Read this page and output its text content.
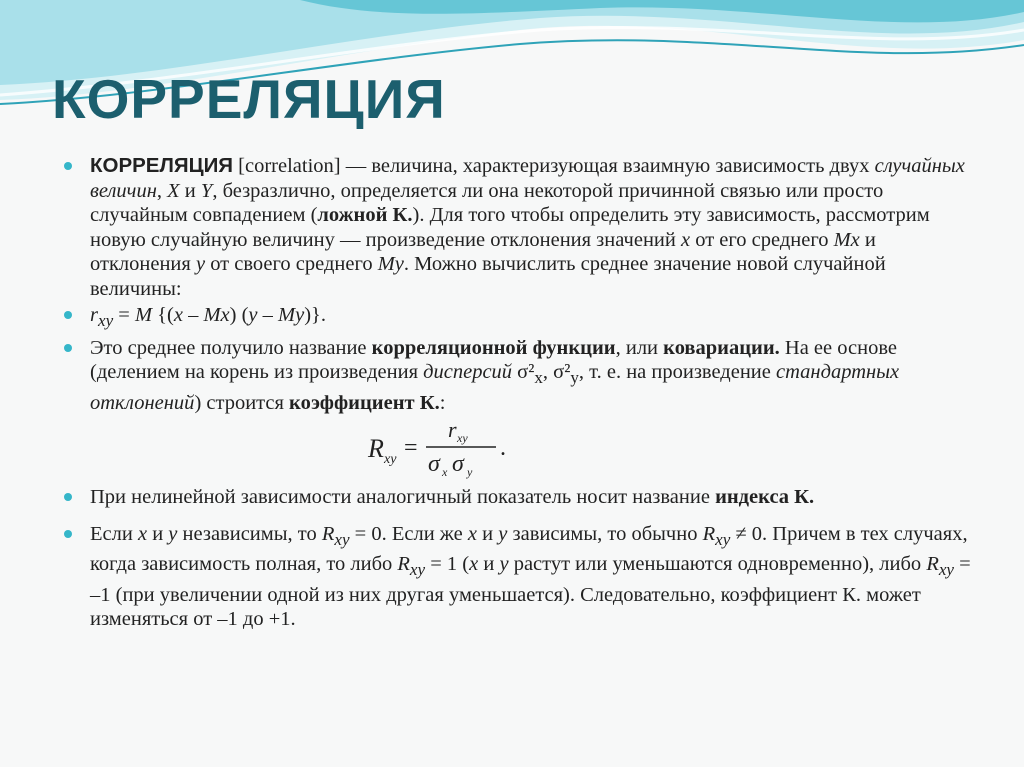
КОРРЕЛЯЦИЯ
КОРРЕЛЯЦИЯ [correlation] — величина, характеризующая взаимную зависимость двух случайных величин, X и Y, безразлично, определяется ли она некоторой причинной связью или просто случайным совпадением (ложной К.). Для того чтобы определить эту зависимость, рассмотрим новую случайную величину — произведение отклонения значений x от его среднего Mx и отклонения y от своего среднего My. Можно вычислить среднее значение новой случайной величины:
$r_{xy} = M$ {(x – Mx) (y – My)}.
Это среднее получило название корреляционной функции, или ковариации. На ее основе (делением на корень из произведения дисперсий $\sigma^2_x$, $\sigma^2_y$, т. е. на произведение стандартных отклонений) строится коэффициент К.:
При нелинейной зависимости аналогичный показатель носит название индекса К.
Если x и y независимы, то $R_{xy} = 0$. Если же x и y зависимы, то обычно $R_{xy} \ne 0$. Причем в тех случаях, когда зависимость полная, то либо $R_{xy} = 1$ (x и y растут или уменьшаются одновременно), либо $R_{xy} = -1$ (при увеличении одной из них другая уменьшается). Следовательно, коэффициент К. может изменяться от –1 до +1.
R xy =
r xy
σ x σ y
.
